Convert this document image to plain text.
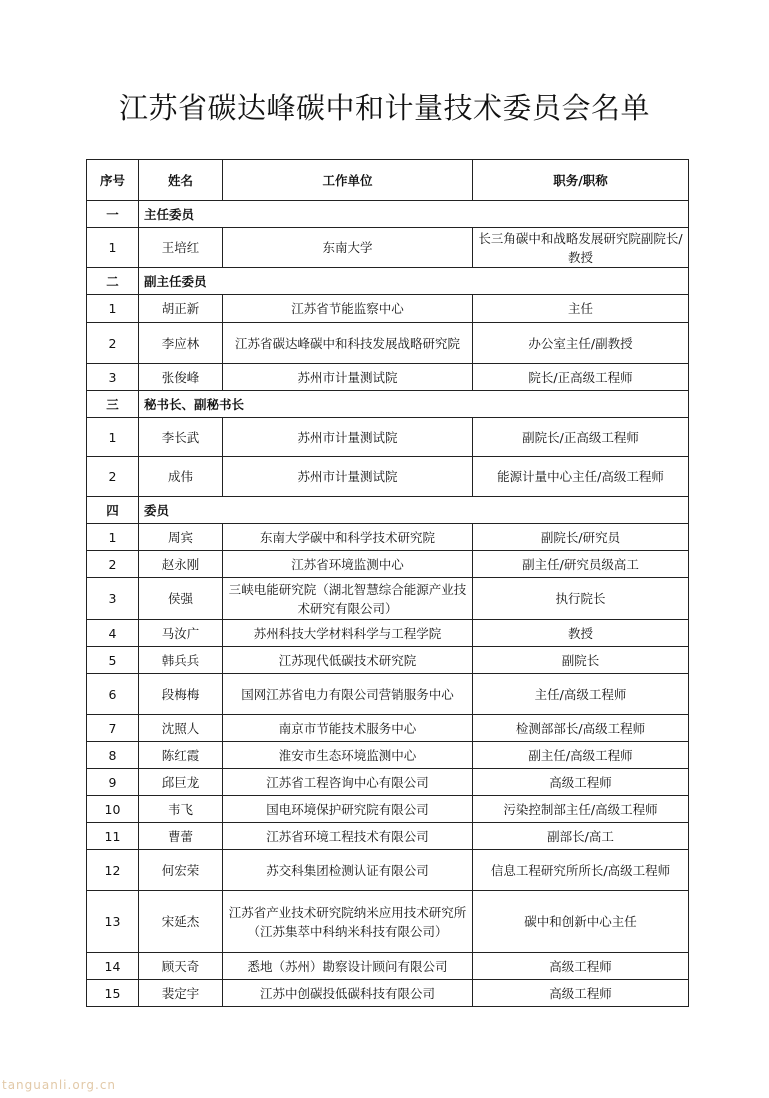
江苏省碳达峰碳中和计量技术委员会名单
序号	姓名	工作单位	职务/职称
一	主任委员		
1	王培红	东南大学	长三角碳中和战略发展研究院副院长/教授
二	副主任委员		
1	胡正新	江苏省节能监察中心	主任
2	李应林	江苏省碳达峰碳中和科技发展战略研究院	办公室主任/副教授
3	张俊峰	苏州市计量测试院	院长/正高级工程师
三	秘书长、副秘书长		
1	李长武	苏州市计量测试院	副院长/正高级工程师
2	成伟	苏州市计量测试院	能源计量中心主任/高级工程师
四	委员		
1	周宾	东南大学碳中和科学技术研究院	副院长/研究员
2	赵永刚	江苏省环境监测中心	副主任/研究员级高工
3	侯强	三峡电能研究院（湖北智慧综合能源产业技术研究有限公司）	执行院长
4	马汝广	苏州科技大学材料科学与工程学院	教授
5	韩兵兵	江苏现代低碳技术研究院	副院长
6	段梅梅	国网江苏省电力有限公司营销服务中心	主任/高级工程师
7	沈照人	南京市节能技术服务中心	检测部部长/高级工程师
8	陈红霞	淮安市生态环境监测中心	副主任/高级工程师
9	邱巨龙	江苏省工程咨询中心有限公司	高级工程师
10	韦飞	国电环境保护研究院有限公司	污染控制部主任/高级工程师
11	曹蕾	江苏省环境工程技术有限公司	副部长/高工
12	何宏荣	苏交科集团检测认证有限公司	信息工程研究所所长/高级工程师
13	宋延杰	江苏省产业技术研究院纳米应用技术研究所（江苏集萃中科纳米科技有限公司）	碳中和创新中心主任
14	顾天奇	悉地（苏州）勘察设计顾问有限公司	高级工程师
15	裴定宇	江苏中创碳投低碳科技有限公司	高级工程师
tanguanli.org.cn
